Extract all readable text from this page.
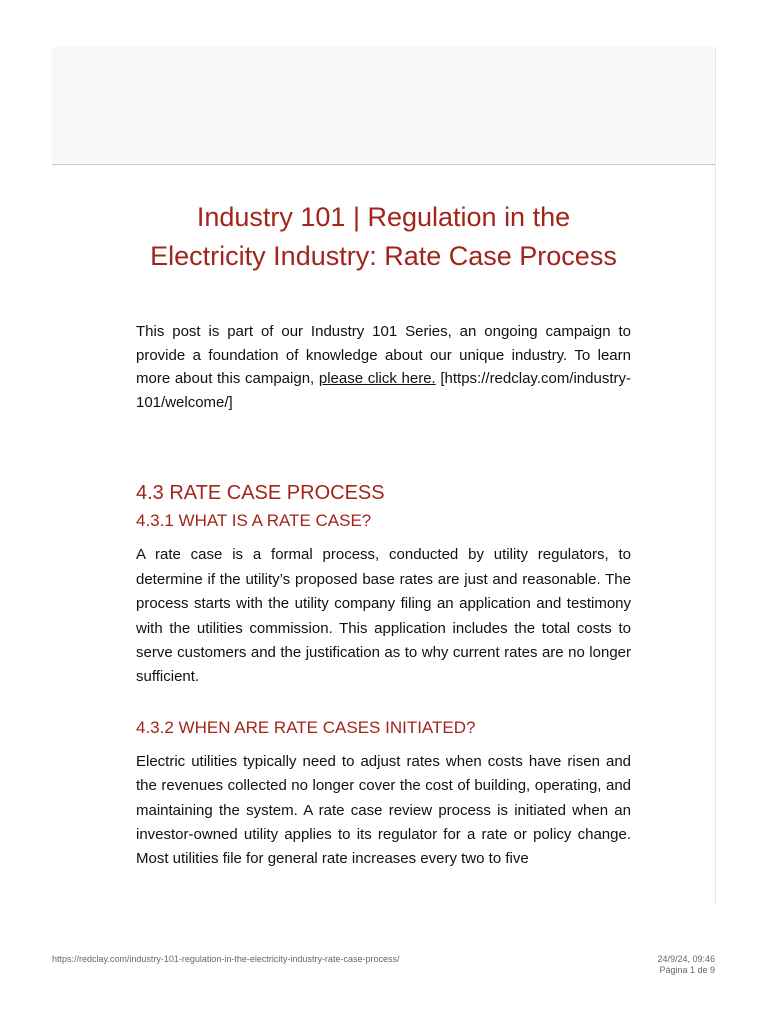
Industry 101 | Regulation in the Electricity Industry: Rate Case Process

This post is part of our Industry 101 Series, an ongoing campaign to provide a foundation of knowledge about our unique industry. To learn more about this campaign, please click here. [https://redclay.com/industry-101/welcome/]

4.3 RATE CASE PROCESS
4.3.1 WHAT IS A RATE CASE?

A rate case is a formal process, conducted by utility regulators, to determine if the utility’s proposed base rates are just and reasonable. The process starts with the utility company filing an application and testimony with the utilities commission. This application includes the total costs to serve customers and the justification as to why current rates are no longer sufficient.

4.3.2 WHEN ARE RATE CASES INITIATED?

Electric utilities typically need to adjust rates when costs have risen and the revenues collected no longer cover the cost of building, operating, and maintaining the system. A rate case review process is initiated when an investor-owned utility applies to its regulator for a rate or policy change. Most utilities file for general rate increases every two to five

https://redclay.com/industry-101-regulation-in-the-electricity-industry-rate-case-process/	24/9/24, 09:46
Página 1 de 9
